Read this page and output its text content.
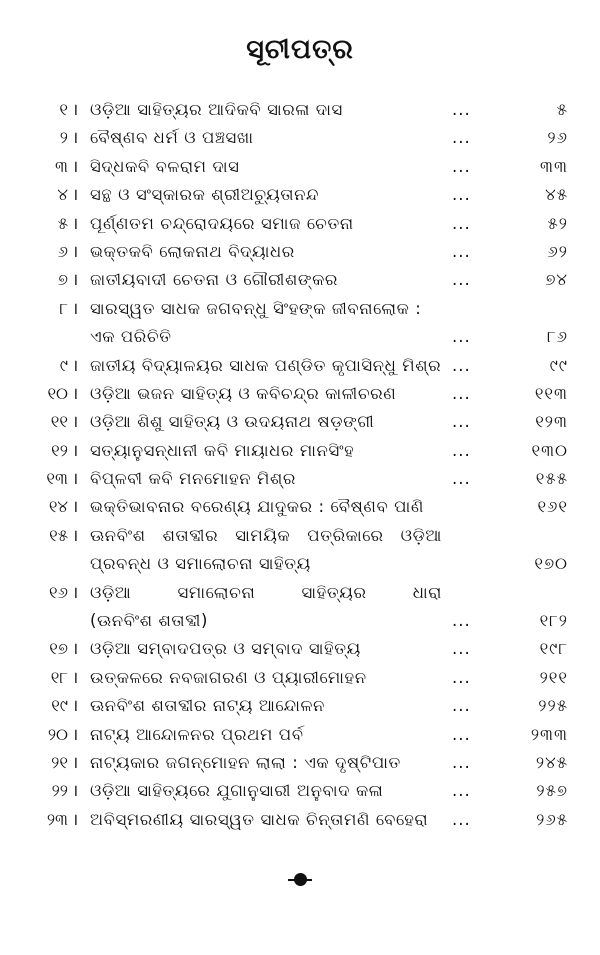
ସୂଚୀପତ୍ର
୧ । ଓଡ଼ିଆ ସାହିତ୍ୟର ଆଦିକବି ସାରଳା ଦାସ	...	୫
୨ । ବୈଷ୍ଣବ ଧର୍ମ ଓ ପଞ୍ଚସଖା	...	୨୬
୩ । ସିଦ୍ଧକବି ବଳରାମ ଦାସ	...	୩୩
୪ । ସନ୍ଥ ଓ ସଂସ୍କାରକ ଶ୍ରୀଅଚ୍ୟୁତାନନ୍ଦ	...	୪୫
୫ । ପୂର୍ଣ୍ଣତମ ଚନ୍ଦ୍ରୋଦୟରେ ସମାଜ ଚେତନା	...	୫୨
୬ । ଭକ୍ତକବି ଲୋକନାଥ ବିଦ୍ୟାଧର	...	୬୨
୭ । ଜାତୀୟବାଦୀ ଚେତନା ଓ ଗୌରୀଶଙ୍କର	...	୭୪
୮ । ସାରସ୍ୱତ ସାଧକ ଜଗବନ୍ଧୁ ସିଂହଙ୍କ ଜୀବନାଲୋକ :
ଏକ ପରିଚିତି	...	୮୬
୯ । ଜାତୀୟ ବିଦ୍ୟାଳୟର ସାଧକ ପଣ୍ଡିତ କୃପାସିନ୍ଧୁ ମିଶ୍ର ...	୯୯
୧୦ । ଓଡ଼ିଆ ଭଜନ ସାହିତ୍ୟ ଓ କବିଚନ୍ଦ୍ର କାଳୀଚରଣ	...	୧୧୩
୧୧ । ଓଡ଼ିଆ ଶିଶୁ ସାହିତ୍ୟ ଓ ଉଦୟନାଥ ଷଡ଼ଙ୍ଗୀ	...	୧୨୩
୧୨ । ସତ୍ୟାନୁସନ୍ଧାନୀ କବି ମାୟାଧର ମାନସିଂହ	...	୧୩୦
୧୩ । ବିପ୍ଳବୀ କବି ମନମୋହନ ମିଶ୍ର	...	୧୫୫
୧୪ । ଭକ୍ତିଭାବନାର ବରେଣ୍ୟ ଯାଦୁକର : ବୈଷ୍ଣବ ପାଣି	୧୬୧
୧୫ । ଊନବିଂଶ ଶତାବ୍ଦୀର ସାମୟିକ ପତ୍ରିକାରେ ଓଡ଼ିଆ
ପ୍ରବନ୍ଧ ଓ ସମାଲୋଚନା ସାହିତ୍ୟ	୧୭୦
୧୬ । ଓଡ଼ିଆ ସମାଲୋଚନା ସାହିତ୍ୟର ଧାରା
(ଊନବିଂଶ ଶତାବ୍ଦୀ)	...	୧୮୨
୧୭ । ଓଡ଼ିଆ ସମ୍ବାଦପତ୍ର ଓ ସମ୍ବାଦ ସାହିତ୍ୟ	...	୧୯୮
୧୮ । ଉତ୍କଳରେ ନବଜାଗରଣ ଓ ପ୍ୟାରୀମୋହନ	...	୨୧୧
୧୯ । ଊନବିଂଶ ଶତାବ୍ଦୀର ନାଟ୍ୟ ଆନ୍ଦୋଳନ	...	୨୨୫
୨୦ । ନାଟ୍ୟ ଆନ୍ଦୋଳନର ପ୍ରଥମ ପର୍ବ	...	୨୩୩
୨୧ । ନାଟ୍ୟକାର ଜଗନ୍ମୋହନ ଲାଲା : ଏକ ଦୃଷ୍ଟିପାତ	...	୨୪୫
୨୨ । ଓଡ଼ିଆ ସାହିତ୍ୟରେ ଯୁଗାନୁସାରୀ ଅନୁବାଦ କଳା	...	୨୫୭
୨୩ । ଅବିସ୍ମରଣୀୟ ସାରସ୍ୱତ ସାଧକ ଚିନ୍ତାମଣି ବେହେରା ...	୨୬୫
